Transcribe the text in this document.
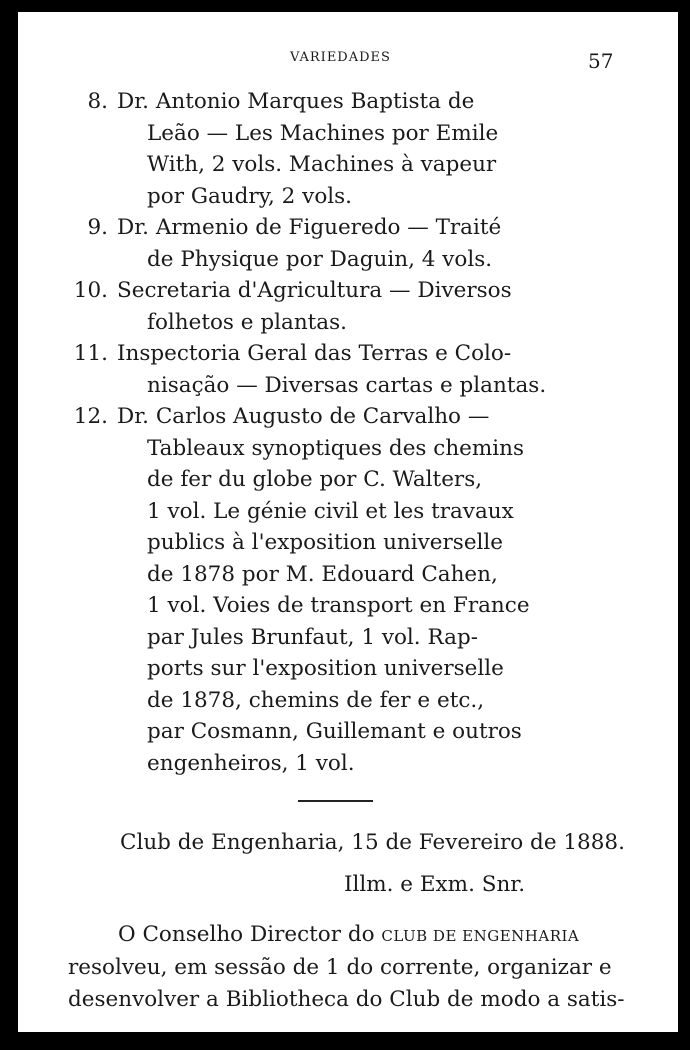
VARIEDADES	57
8. Dr. Antonio Marques Baptista de
Leão — Les Machines por Emile
With, 2 vols. Machines à vapeur
por Gaudry, 2 vols.
9. Dr. Armenio de Figueredo — Traité
de Physique por Daguin, 4 vols.
10. Secretaria d'Agricultura — Diversos
folhetos e plantas.
11. Inspectoria Geral das Terras e Colo-
nisação — Diversas cartas e plantas.
12. Dr. Carlos Augusto de Carvalho —
Tableaux synoptiques des chemins
de fer du globe por C. Walters,
1 vol. Le génie civil et les travaux
publics à l'exposition universelle
de 1878 por M. Edouard Cahen,
1 vol. Voies de transport en France
par Jules Brunfaut, 1 vol. Rap-
ports sur l'exposition universelle
de 1878, chemins de fer e etc.,
par Cosmann, Guillemant e outros
engenheiros, 1 vol.
Club de Engenharia, 15 de Fevereiro de 1888.
Illm. e Exm. Snr.
O Conselho Director do CLUB DE ENGENHARIA
resolveu, em sessão de 1 do corrente, organizar e
desenvolver a Bibliotheca do Club de modo a satis-
